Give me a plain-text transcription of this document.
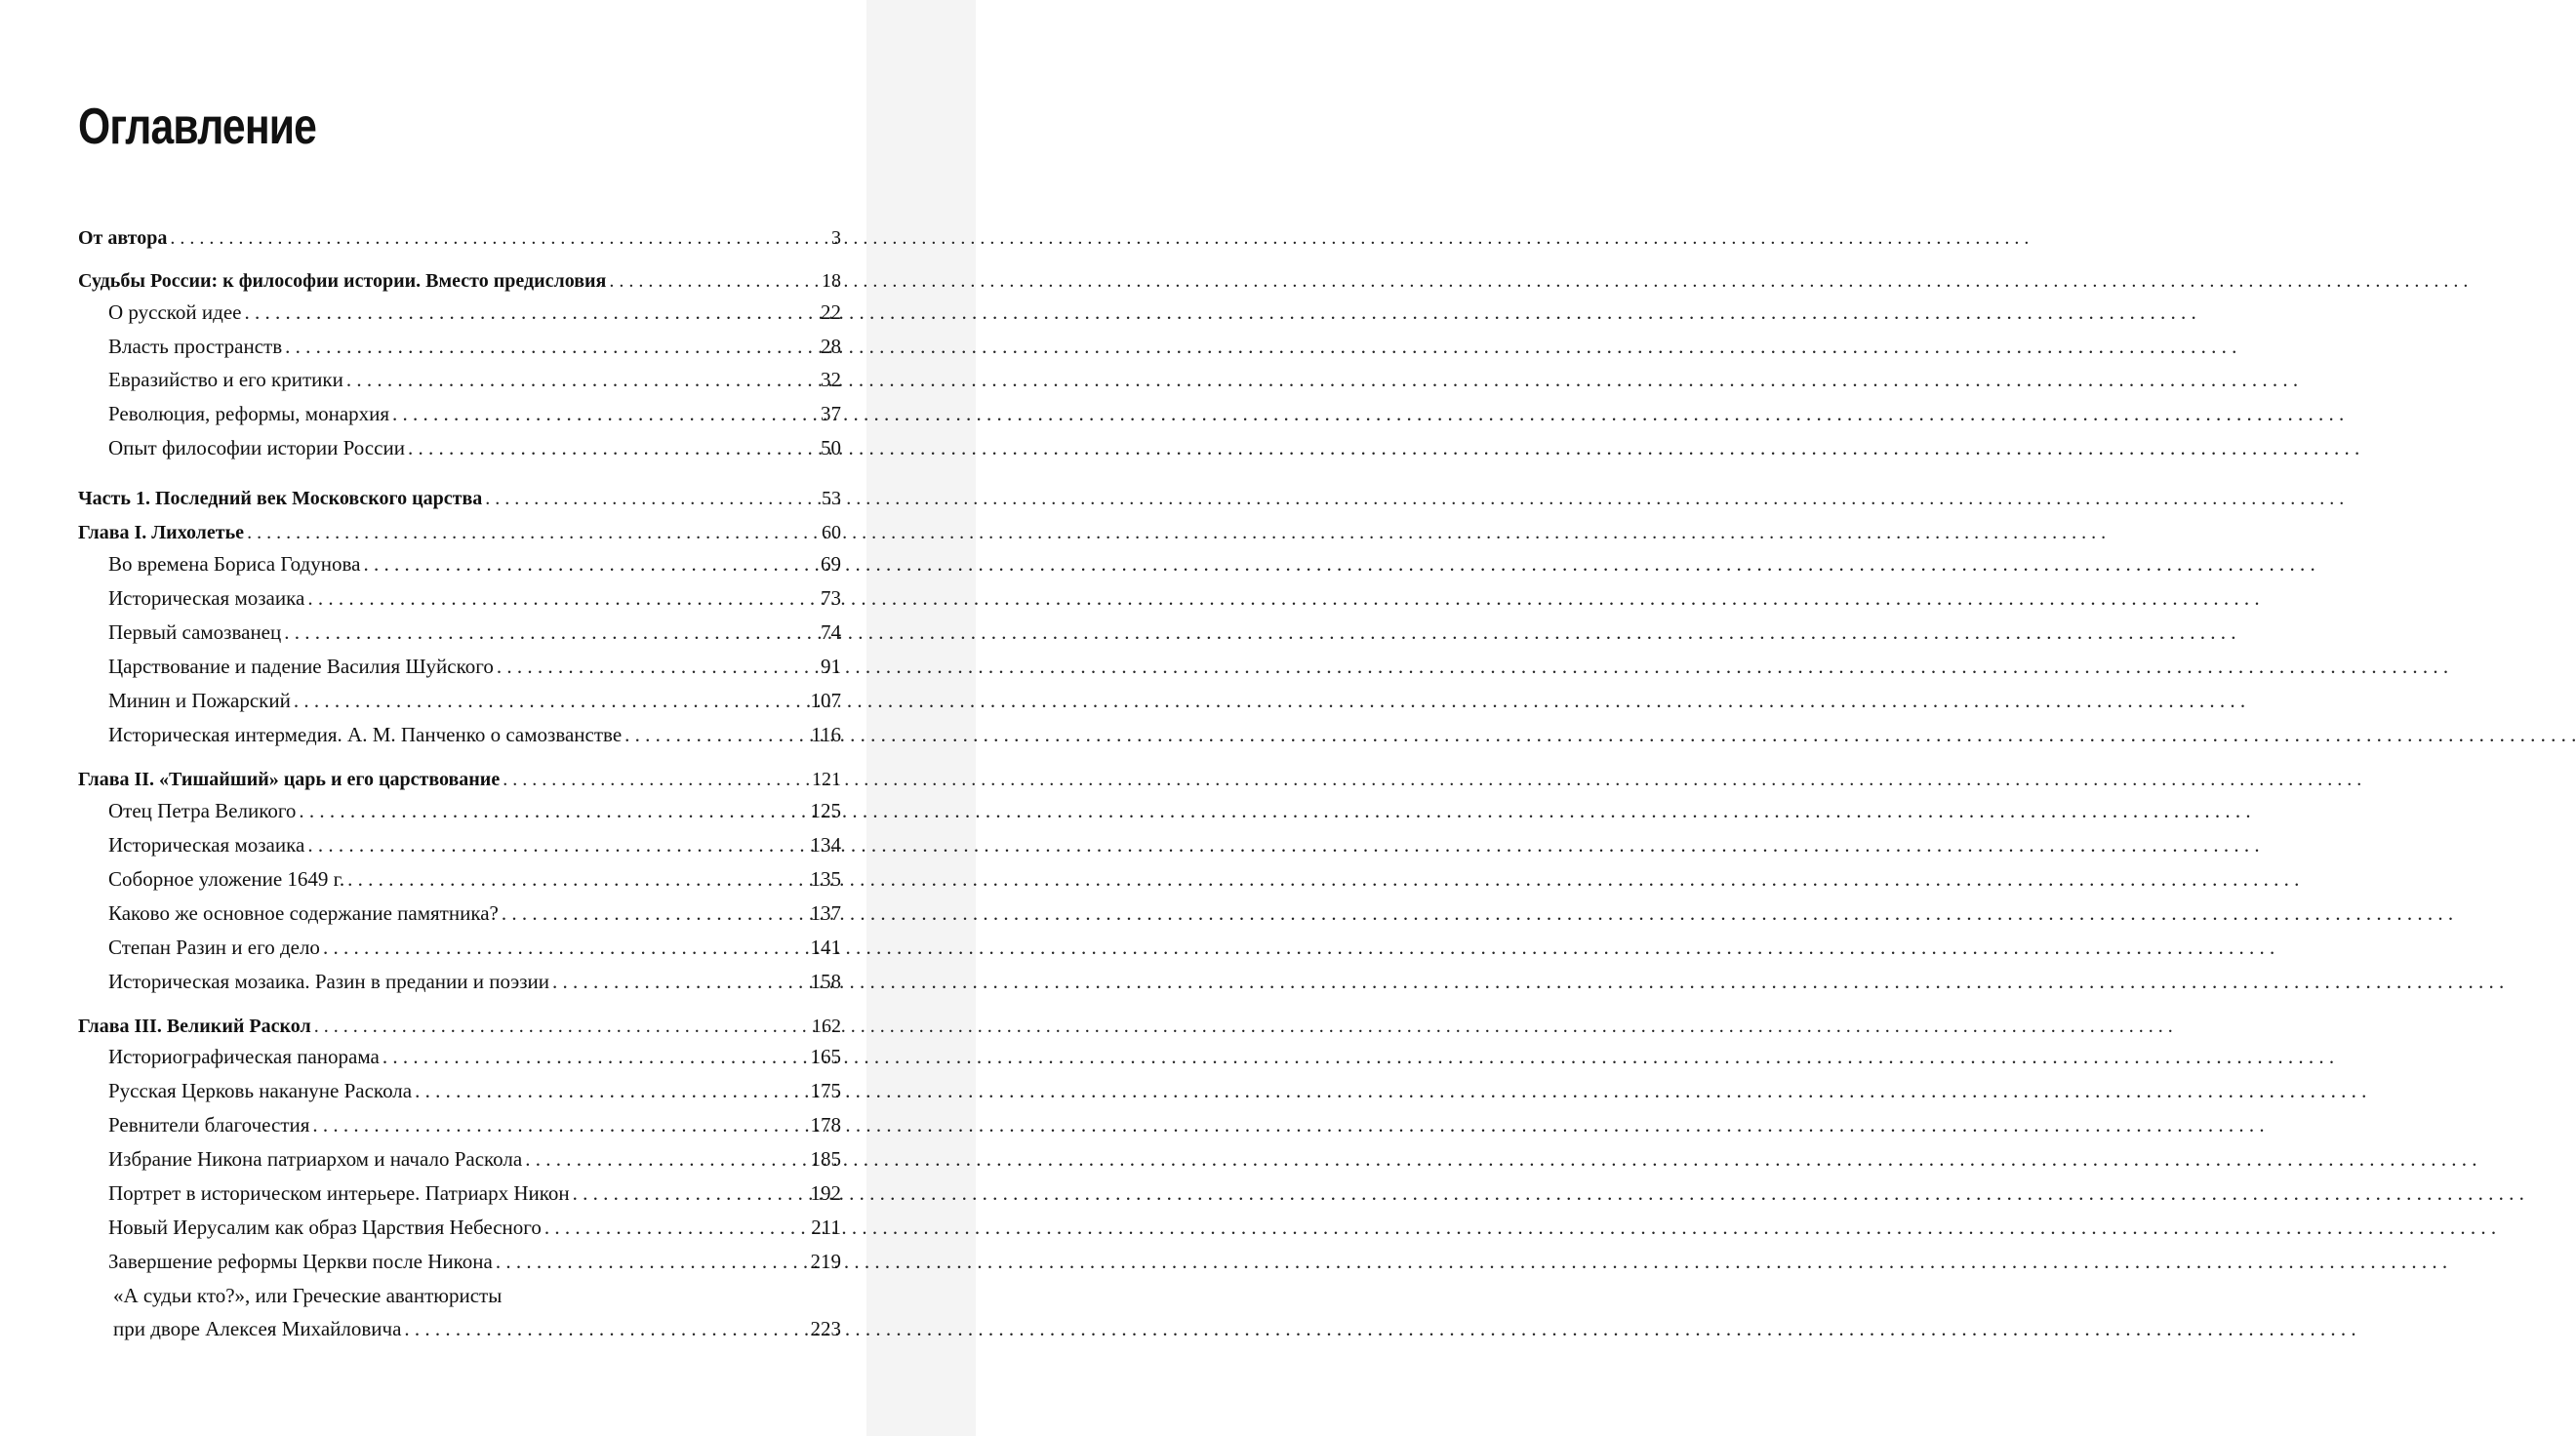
Оглавление
От автора . . .	3
Судьбы России: к философии истории. Вместо предисловия . . .	18
О русской идее . . .	22
Власть пространств . . .	28
Евразийство и его критики . . .	32
Революция, реформы, монархия . . .	37
Опыт философии истории России . . .	50
Часть 1. Последний век Московского царства . . .	53
Глава I. Лихолетье . . .	60
Во времена Бориса Годунова . . .	69
Историческая мозаика . . .	73
Первый самозванец . . .	74
Царствование и падение Василия Шуйского . . .	91
Минин и Пожарский . . .	107
Историческая интермедия. А. М. Панченко о самозванстве . . .	116
Глава II. «Тишайший» царь и его царствование . . .	121
Отец Петра Великого . . .	125
Историческая мозаика . . .	134
Соборное уложение 1649 г. . . .	135
Каково же основное содержание памятника? . . .	137
Степан Разин и его дело . . .	141
Историческая мозаика. Разин в предании и поэзии . . .	158
Глава III. Великий Раскол . . .	162
Историографическая панорама . . .	165
Русская Церковь накануне Раскола . . .	175
Ревнители благочестия . . .	178
Избрание Никона патриархом и начало Раскола . . .	185
Портрет в историческом интерьере. Патриарх Никон . . .	192
Новый Иерусалим как образ Царствия Небесного . . .	211
Завершение реформы Церкви после Никона . . .	219
«А судьи кто?», или Греческие авантюристы
при дворе Алексея Михайловича . . .	223
